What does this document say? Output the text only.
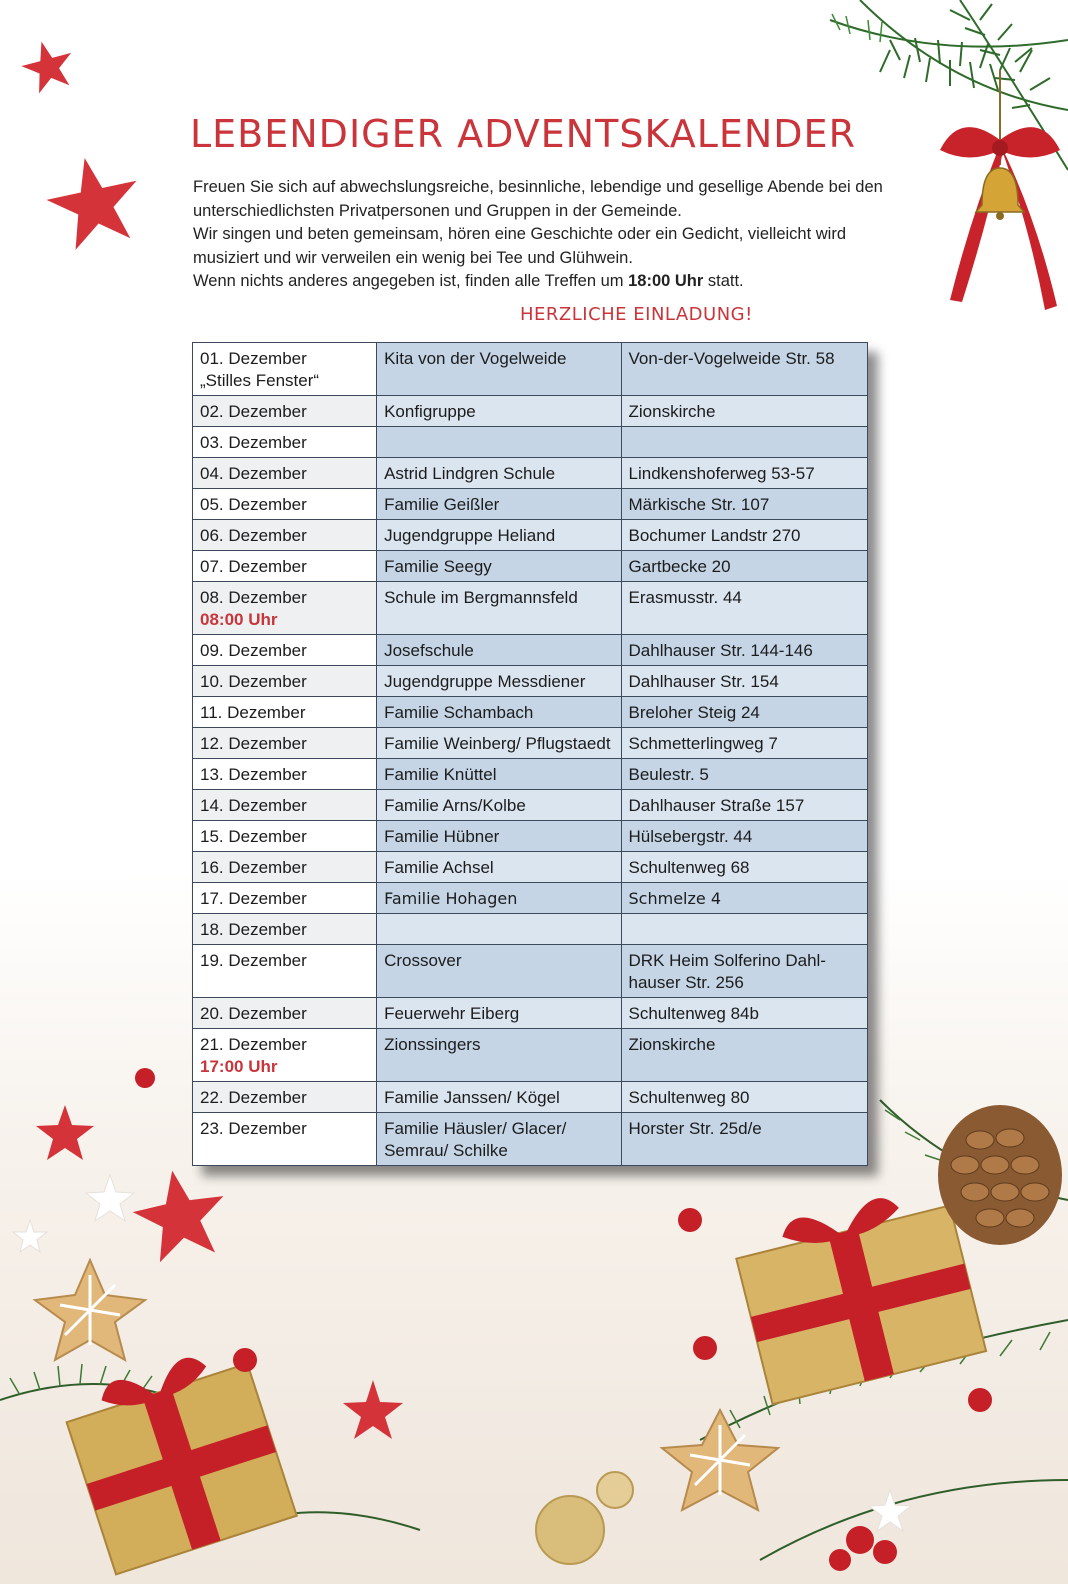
LEBENDIGER ADVENTSKALENDER

Freuen Sie sich auf abwechslungsreiche, besinnliche, lebendige und gesellige Abende bei den unterschiedlichsten Privatpersonen und Gruppen in der Gemeinde.

Wir singen und beten gemeinsam, hören eine Geschichte oder ein Gedicht, vielleicht wird musiziert und wir verweilen ein wenig bei Tee und Glühwein.

Wenn nichts anderes angegeben ist, finden alle Treffen um 18:00 Uhr statt.

HERZLICHE EINLADUNG!
01. Dezember
„Stilles Fenster“	Kita von der Vogelweide	Von-der-Vogelweide Str. 58

02. Dezember	Konfigruppe	Zionskirche

03. Dezember		

04. Dezember	Astrid Lindgren Schule	Lindkenshoferweg 53-57

05. Dezember	Familie Geißler	Märkische Str. 107

06. Dezember	Jugendgruppe Heliand	Bochumer Landstr 270

07. Dezember	Familie Seegy	Gartbecke 20

08. Dezember
08:00 Uhr	Schule im Bergmannsfeld	Erasmusstr. 44

09. Dezember	Josefschule	Dahlhauser Str. 144-146

10. Dezember	Jugendgruppe Messdiener	Dahlhauser Str. 154

11. Dezember	Familie Schambach	Breloher Steig 24

12. Dezember	Familie Weinberg/ Pflugstaedt	Schmetterlingweg 7

13. Dezember	Familie Knüttel	Beulestr. 5

14. Dezember	Familie Arns/Kolbe	Dahlhauser Straße 157

15. Dezember	Familie Hübner	Hülsebergstr. 44

16. Dezember	Familie Achsel	Schultenweg 68

17. Dezember	Familie Hohagen	Schmelze 4

18. Dezember		

19. Dezember	Crossover	DRK Heim Solferino Dahl-hauser Str. 256

20. Dezember	Feuerwehr Eiberg	Schultenweg 84b

21. Dezember
17:00 Uhr	Zionssingers	Zionskirche

22. Dezember	Familie Janssen/ Kögel	Schultenweg 80

23. Dezember	Familie Häusler/ Glacer/ Semrau/ Schilke	Horster Str. 25d/e
